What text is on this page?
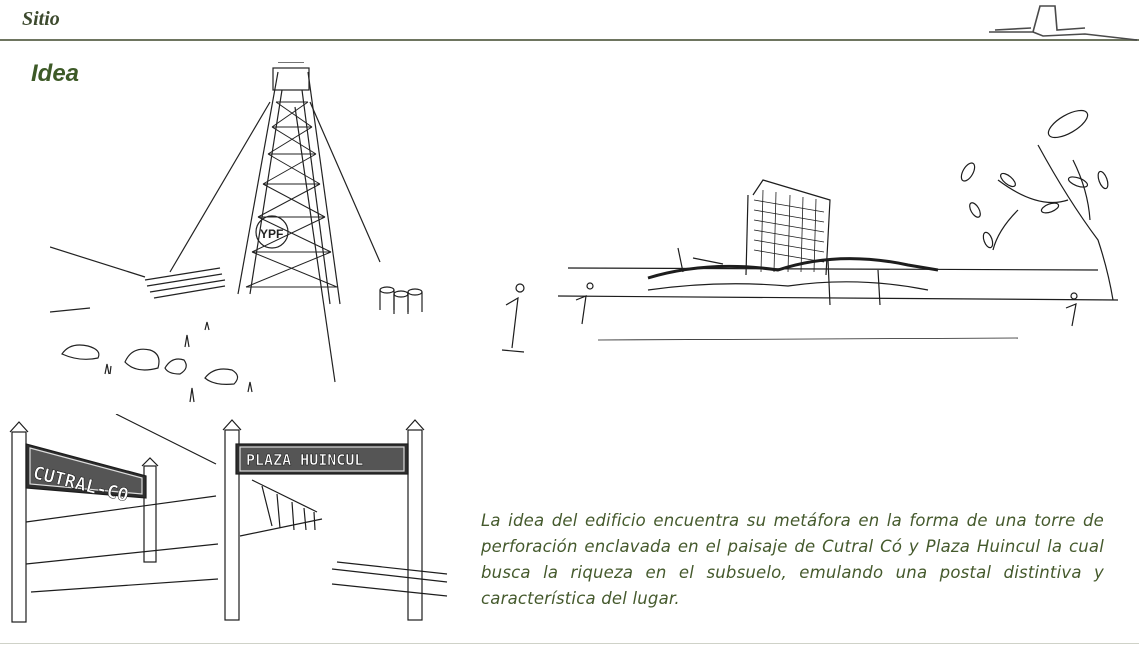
Sitio
Idea
YPF
CUTRAL-CO
PLAZA HUINCUL

La idea del edificio encuentra su metáfora en la forma de una torre de perforación enclavada en el paisaje de Cutral Có y Plaza Huincul la cual busca la riqueza en el subsuelo, emulando una postal distintiva y característica del lugar.
